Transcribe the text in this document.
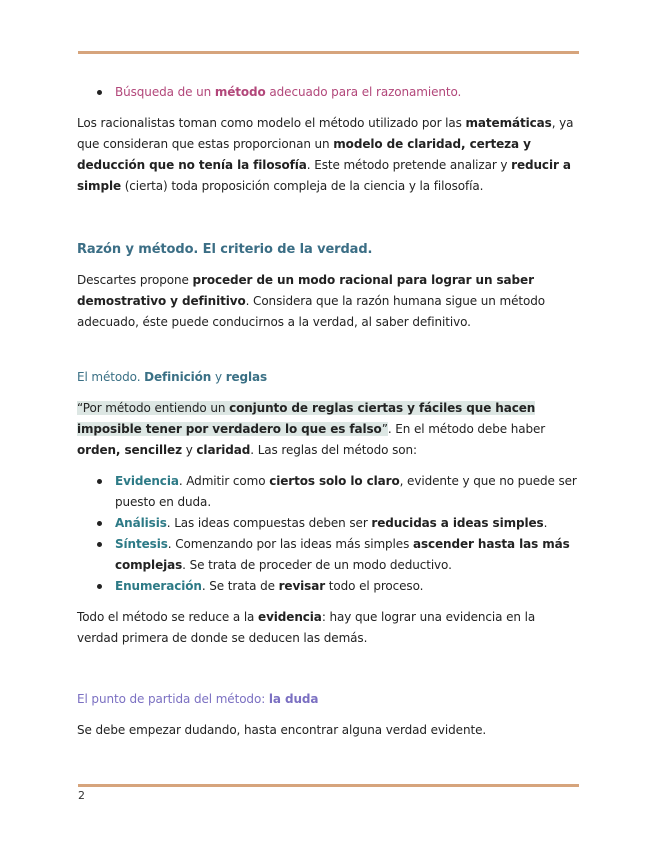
Búsqueda de un método adecuado para el razonamiento.

Los racionalistas toman como modelo el método utilizado por las matemáticas, ya que consideran que estas proporcionan un modelo de claridad, certeza y deducción que no tenía la filosofía. Este método pretende analizar y reducir a simple (cierta) toda proposición compleja de la ciencia y la filosofía.

Razón y método. El criterio de la verdad.

Descartes propone proceder de un modo racional para lograr un saber demostrativo y definitivo. Considera que la razón humana sigue un método adecuado, éste puede conducirnos a la verdad, al saber definitivo.

El método. Definición y reglas

“Por método entiendo un conjunto de reglas ciertas y fáciles que hacen imposible tener por verdadero lo que es falso”. En el método debe haber orden, sencillez y claridad. Las reglas del método son:

Evidencia. Admitir como ciertos solo lo claro, evidente y que no puede ser puesto en duda.
Análisis. Las ideas compuestas deben ser reducidas a ideas simples.
Síntesis. Comenzando por las ideas más simples ascender hasta las más complejas. Se trata de proceder de un modo deductivo.
Enumeración. Se trata de revisar todo el proceso.

Todo el método se reduce a la evidencia: hay que lograr una evidencia en la verdad primera de donde se deducen las demás.

El punto de partida del método: la duda

Se debe empezar dudando, hasta encontrar alguna verdad evidente.

2
